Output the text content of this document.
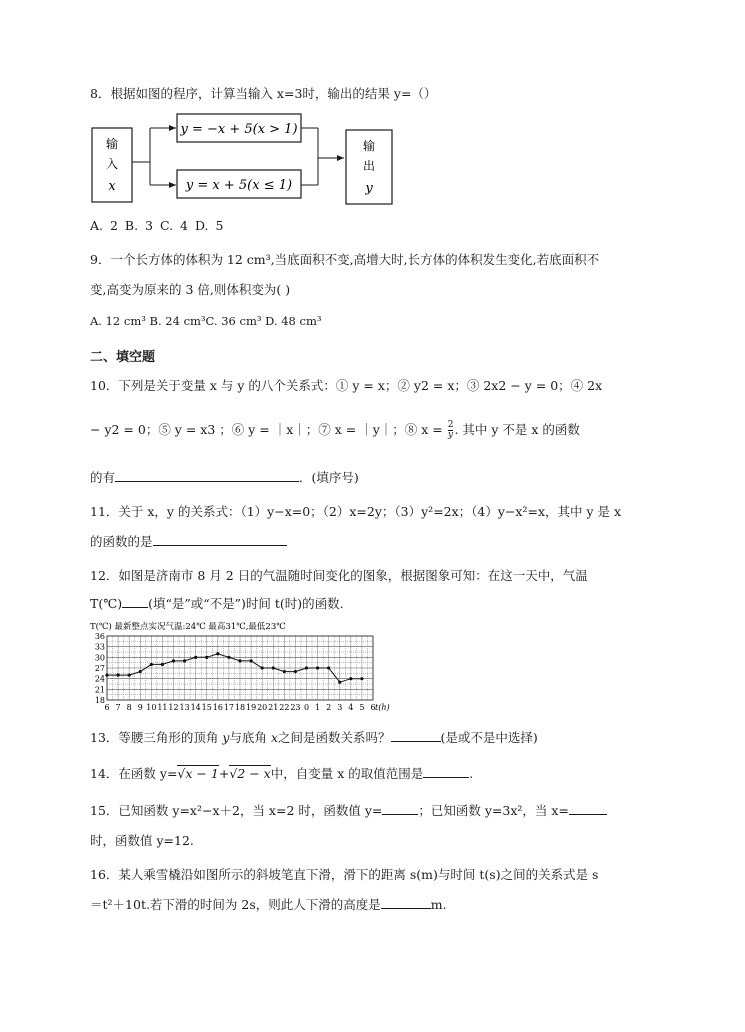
8．根据如图的程序，计算当输入 x=3时，输出的结果 y=（）
输
入
x
y = −x + 5(x > 1)
y = x + 5(x ≤ 1)
输
出
y
A. 2 B. 3 C. 4 D. 5
9．一个长方体的体积为 12 cm³,当底面积不变,高增大时,长方体的体积发生变化,若底面积不
变,高变为原来的 3 倍,则体积变为( )
A. 12 cm³ B. 24 cm³C. 36 cm³ D. 48 cm³
二、填空题
10．下列是关于变量 x 与 y 的八个关系式：① y = x；② y2 = x；③ 2x2 − y = 0；④ 2x
− y2 = 0；⑤ y = x3 ；⑥ y = ｜x｜；⑦ x = ｜y｜；⑧ $x = \frac{2}{y}$ . 其中 y 不是 x 的函数
的有	．(填序号)
11．关于 x，y 的关系式：（1）y−x=0；（2）x=2y；（3）y²=2x；（4）y−x²=x，其中 y 是 x
的函数的是
12．如图是济南市 8 月 2 日的气温随时间变化的图象，根据图象可知：在这一天中，气温
T(℃) (填“是”或“不是”)时间 t(时)的函数.
T(℃) 最新整点实况气温:24℃ 最高31℃,最低23℃
18
21
24
27
30
33
36
6 7 8 9 10 11 12 13 14 15 16 17 18 19 20 21 22 23 0 1 2 3 4 5 6 t(h)
13．等腰三角形的顶角 y与底角 x之间是函数关系吗？	(是或不是中选择)
14．在函数 y=√x − 1+√2 − x中，自变量 x 的取值范围是	.
15．已知函数 y=x²−x＋2，当 x=2 时，函数值 y=	；已知函数 y=3x²，当 x=
时，函数值 y=12.
16．某人乘雪橇沿如图所示的斜坡笔直下滑，滑下的距离 s(m)与时间 t(s)之间的关系式是 s
＝t²＋10t.若下滑的时间为 2s，则此人下滑的高度是	m.
